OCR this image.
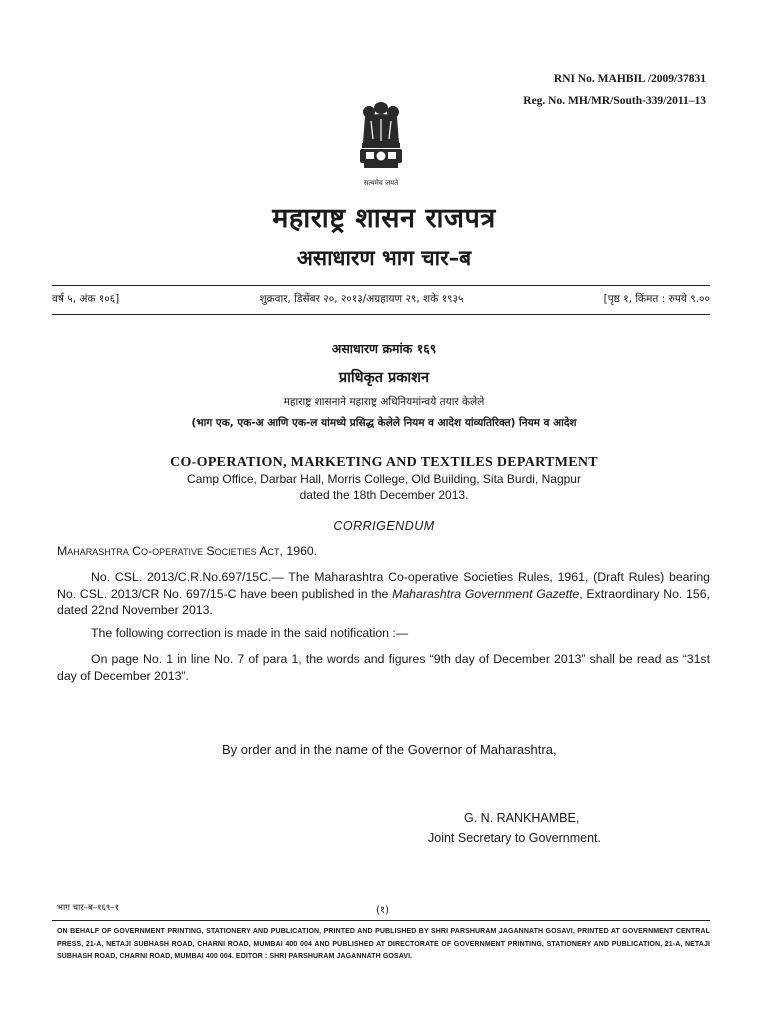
RNI No. MAHBIL /2009/37831
Reg. No. MH/MR/South-339/2011–13
सत्यमेव जयते
महाराष्ट्र शासन राजपत्र
असाधारण भाग चार–ब
वर्ष ५, अंक १०६]	शुक्रवार, डिसेंबर २०, २०१३/अग्रहायण २९, शके १९३५	[पृष्ठ १, किंमत : रुपये ९.००
असाधारण क्रमांक १६९
प्राधिकृत प्रकाशन
महाराष्ट्र शासनाने महाराष्ट्र अधिनियमांन्वये तयार केलेले
(भाग एक, एक-अ आणि एक-ल यांमध्ये प्रसिद्ध केलेले नियम व आदेश यांव्यतिरिक्त) नियम व आदेश
CO-OPERATION, MARKETING AND TEXTILES DEPARTMENT
Camp Office, Darbar Hall, Morris College, Old Building, Sita Burdi, Nagpur
dated the 18th December 2013.
CORRIGENDUM
Maharashtra Co-operative Societies Act, 1960.
No. CSL. 2013/C.R.No.697/15C.— The Maharashtra Co-operative Societies Rules, 1961, (Draft Rules) bearing No. CSL. 2013/CR No. 697/15-C have been published in the Maharashtra Government Gazette, Extraordinary No. 156, dated 22nd November 2013.
The following correction is made in the said notification :—
On page No. 1 in line No. 7 of para 1, the words and figures “9th day of December 2013” shall be read as “31st day of December 2013”.
By order and in the name of the Governor of Maharashtra,
G. N. RANKHAMBE,
Joint Secretary to Government.
भाग चार–ब–१६९–१	(१)
ON BEHALF OF GOVERNMENT PRINTING, STATIONERY AND PUBLICATION, PRINTED AND PUBLISHED BY SHRI PARSHURAM JAGANNATH GOSAVI, PRINTED AT GOVERNMENT CENTRAL PRESS, 21-A, NETAJI SUBHASH ROAD, CHARNI ROAD, MUMBAI 400 004 AND PUBLISHED AT DIRECTORATE OF GOVERNMENT PRINTING, STATIONERY AND PUBLICATION, 21-A, NETAJI SUBHASH ROAD, CHARNI ROAD, MUMBAI 400 004. EDITOR : SHRI PARSHURAM JAGANNATH GOSAVI.
